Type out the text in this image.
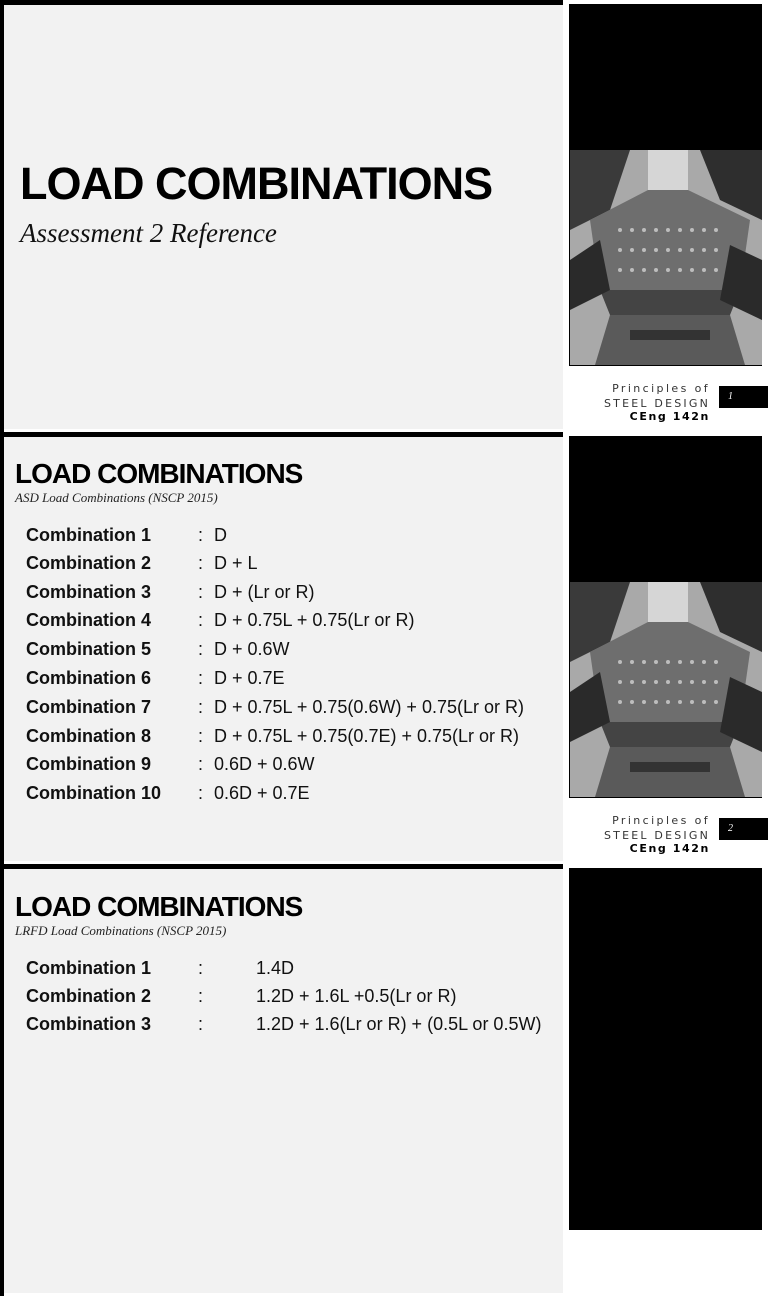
LOAD COMBINATIONS
Assessment 2 Reference
Principles of
STEEL DESIGN
CEng 142n
1
Principles of
STEEL DESIGN
CEng 142n
2
LOAD COMBINATIONS
ASD Load Combinations (NSCP 2015)
Combination 1	: D
Combination 2	: D + L
Combination 3	: D + (Lr or R)
Combination 4	: D + 0.75L + 0.75(Lr or R)
Combination 5	: D + 0.6W
Combination 6	: D + 0.7E
Combination 7	: D + 0.75L + 0.75(0.6W) + 0.75(Lr or R)
Combination 8	: D + 0.75L + 0.75(0.7E) + 0.75(Lr or R)
Combination 9	: 0.6D + 0.6W
Combination 10 : 0.6D + 0.7E
LOAD COMBINATIONS
LRFD Load Combinations (NSCP 2015)
Combination 1	:	1.4D
Combination 2	:	1.2D + 1.6L +0.5(Lr or R)
Combination 3	:	1.2D + 1.6(Lr or R) + (0.5L or 0.5W)
